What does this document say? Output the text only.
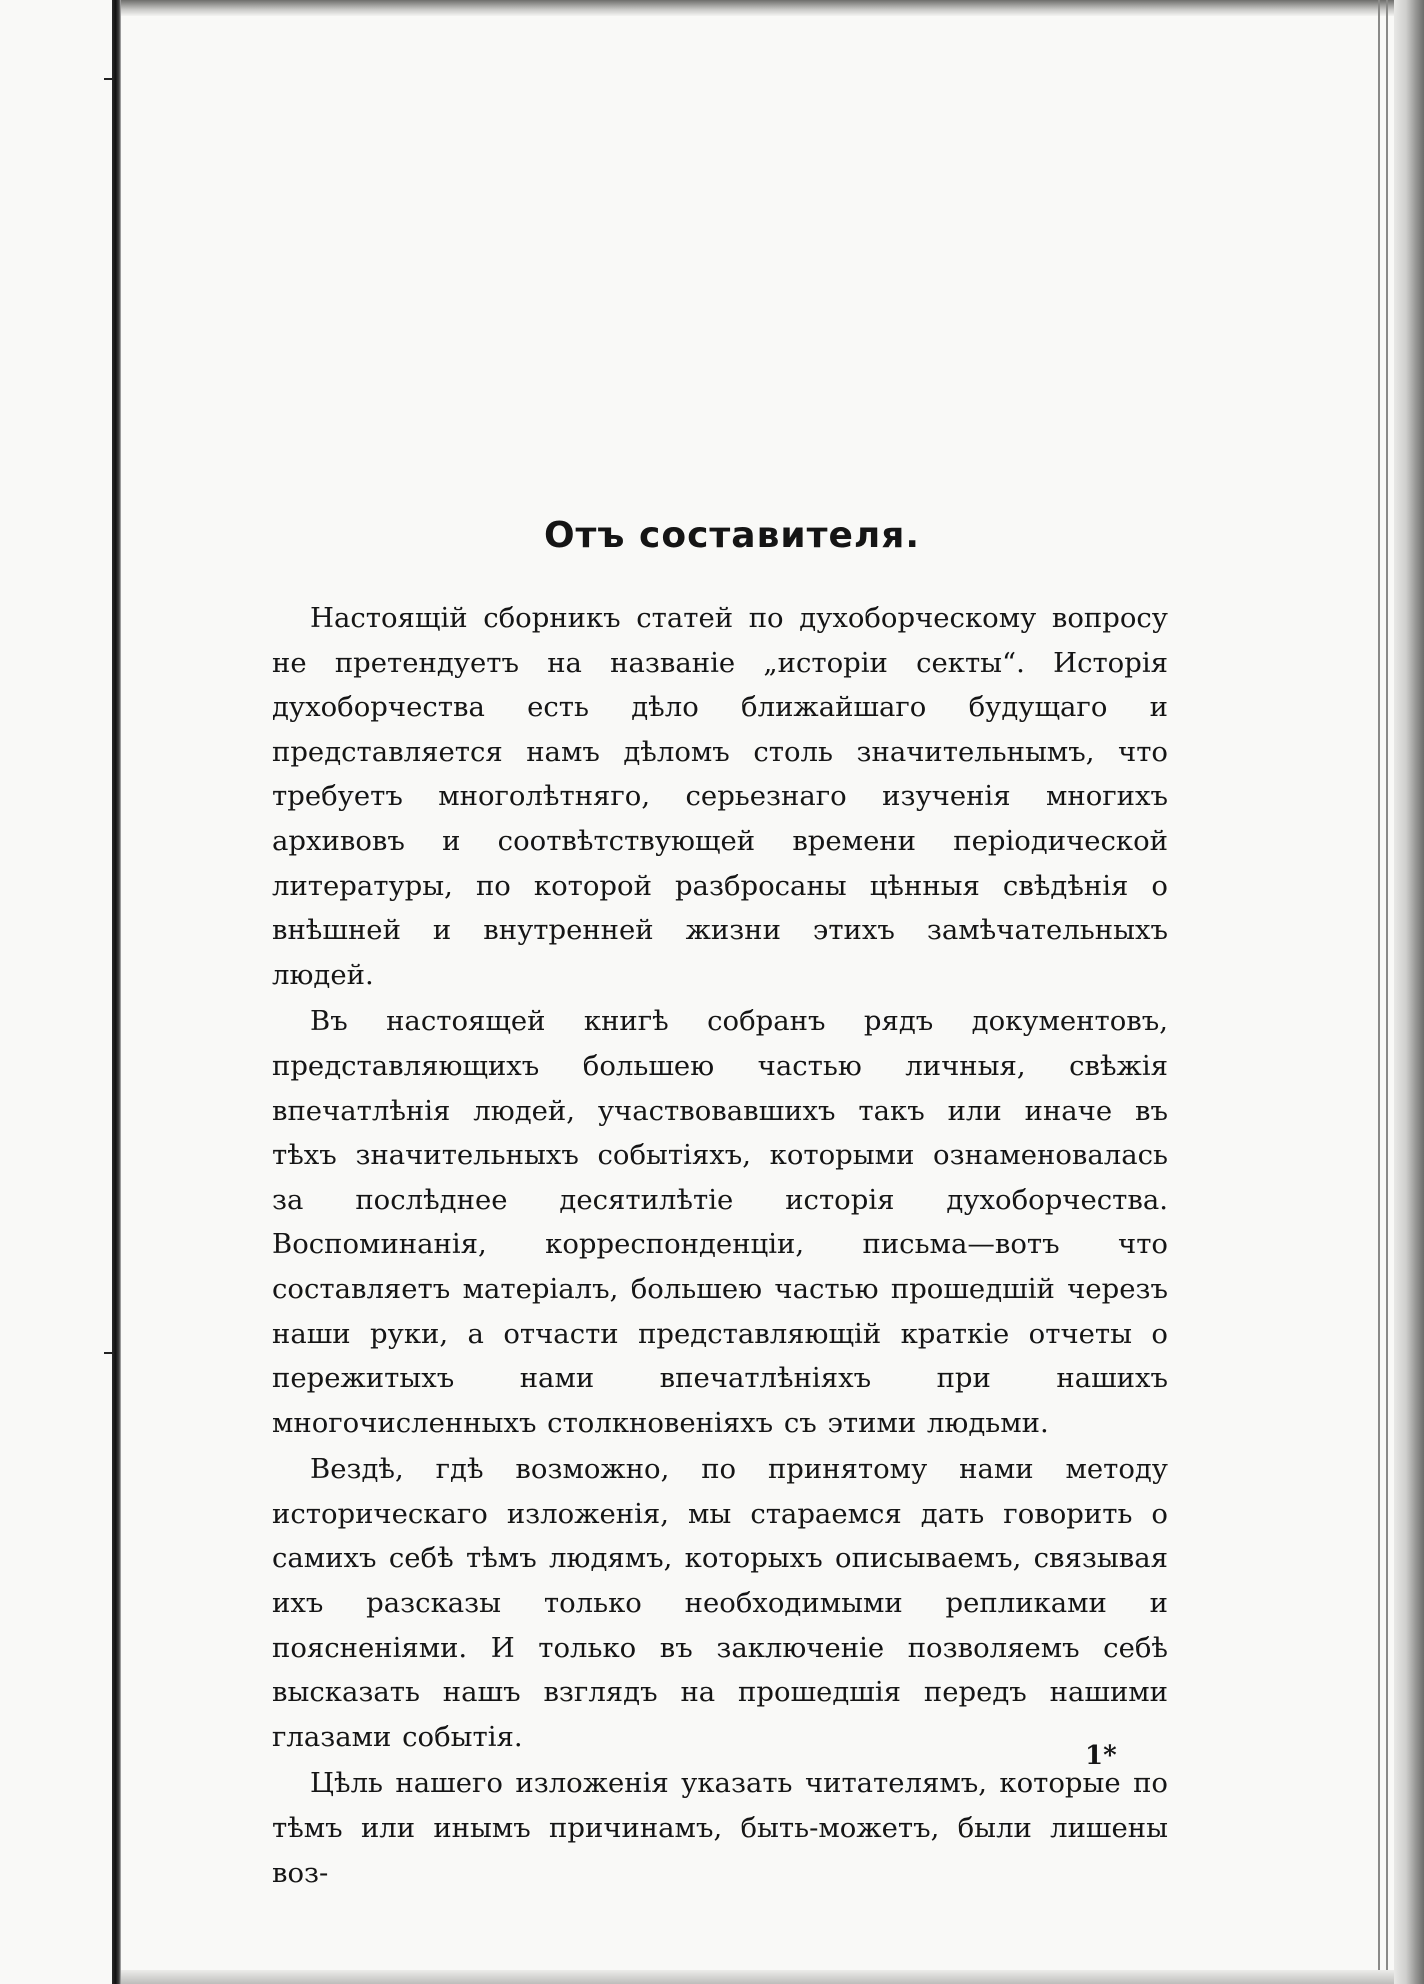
Отъ составителя.

Настоящій сборникъ статей по духоборческому вопросу не претендуетъ на названіе „исторіи секты“. Исторія духоборчества есть дѣло ближайшаго будущаго и представляется намъ дѣломъ столь значительнымъ, что требуетъ многолѣтняго, серьезнаго изученія многихъ архивовъ и соотвѣтствующей времени періодической литературы, по которой разбросаны цѣнныя свѣдѣнія о внѣшней и внутренней жизни этихъ замѣчательныхъ людей.

Въ настоящей книгѣ собранъ рядъ документовъ, представляющихъ большею частью личныя, свѣжія впечатлѣнія людей, участвовавшихъ такъ или иначе въ тѣхъ значительныхъ событіяхъ, которыми ознаменовалась за послѣднее десятилѣтіе исторія духоборчества. Воспоминанія, корреспонденціи, письма—вотъ что составляетъ матеріалъ, большею частью прошедшій черезъ наши руки, а отчасти представляющій краткіе отчеты о пережитыхъ нами впечатлѣніяхъ при нашихъ многочисленныхъ столкновеніяхъ съ этими людьми.

Вездѣ, гдѣ возможно, по принятому нами методу историческаго изложенія, мы стараемся дать говорить о самихъ себѣ тѣмъ людямъ, которыхъ описываемъ, связывая ихъ разсказы только необходимыми репликами и поясненіями. И только въ заключеніе позволяемъ себѣ высказать нашъ взглядъ на прошедшія передъ нашими глазами событія.

Цѣль нашего изложенія указать читателямъ, которые по тѣмъ или инымъ причинамъ, быть-можетъ, были лишены воз-

1*
